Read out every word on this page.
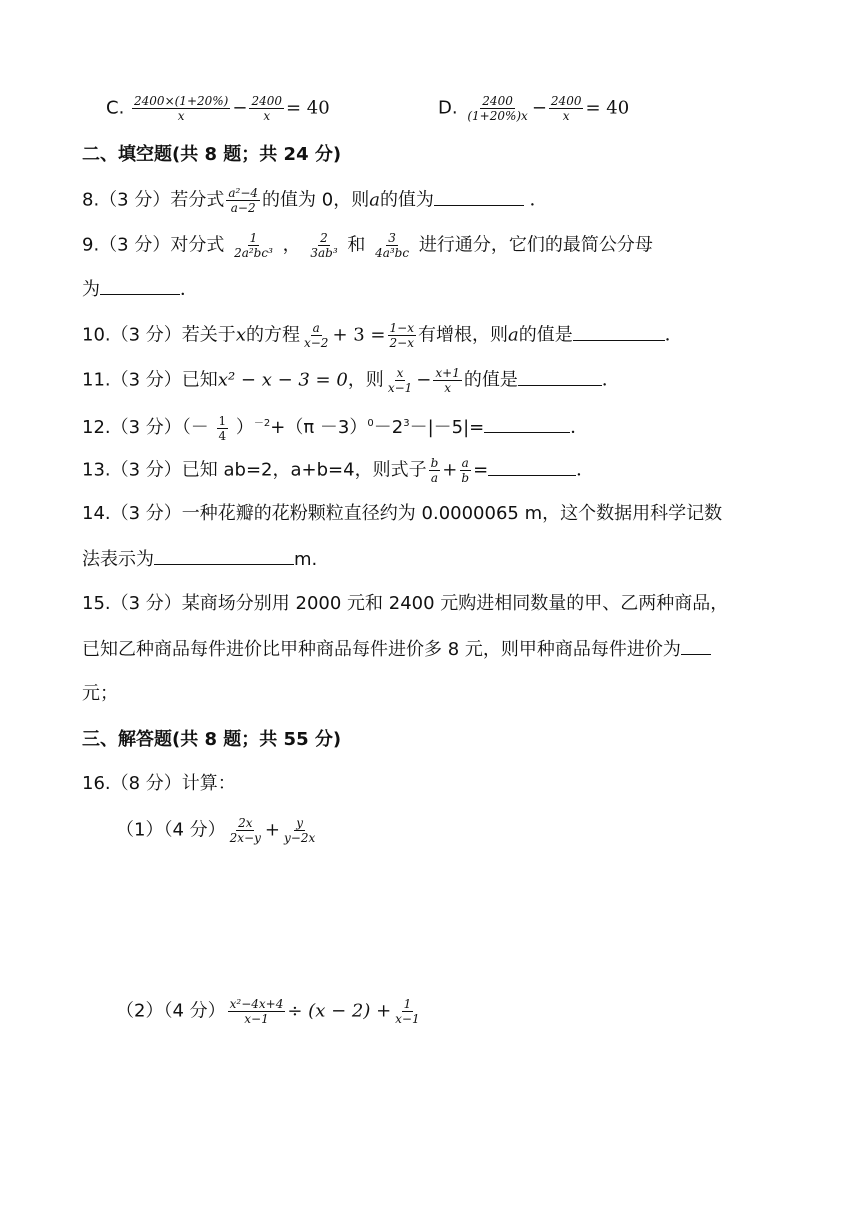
C. $\frac{2400\times(1+20\%)}{x} - \frac{2400}{x} = 40$	D. $\frac{2400}{(1+20\%)x} - \frac{2400}{x} = 40$
二、填空题(共 8 题；共 24 分)
8.（3 分）若分式 $\frac{\text{a²−4}}{a-2}$ 的值为 0，则a的值为	．
9.（3 分）对分式 $\frac{1}{\text{2a²bc³}}$ ， $\frac{2}{\text{3ab³}}$ 和 $\frac{3}{\text{4a³bc}}$ 进行通分，它们的最简公分母
为	．
10.（3 分）若关于x的方程 $\frac{a}{x-2} + 3 = \frac{1-x}{2-x}$ 有增根，则a的值是	．
11.（3 分）已知x² − x − 3 = 0，则 $\frac{x}{x-1} - \frac{x+1}{x}$ 的值是	．
12.（3 分）（－ $\frac{1}{4} )^{-2}+(\pi -3)^0-2^3-|-5|=$	．
13.（3 分）已知 ab=2，a+b=4，则式子 $\frac{b}{a} + \frac{a}{b}$ =	．
14.（3 分）一种花瓣的花粉颗粒直径约为 0.0000065 m，这个数据用科学记数
法表示为	m.
15.（3 分）某商场分别用 2000 元和 2400 元购进相同数量的甲、乙两种商品，
已知乙种商品每件进价比甲种商品每件进价多 8 元，则甲种商品每件进价为
元；
三、解答题(共 8 题；共 55 分)
16.（8 分）计算：
（1）（4 分） $\frac{2x}{2x-y} + \frac{y}{y-2x}$
（2）（4 分） $\frac{\text{x²−4x+4}}{x-1} \div (x - 2) + \frac{1}{x-1}$
